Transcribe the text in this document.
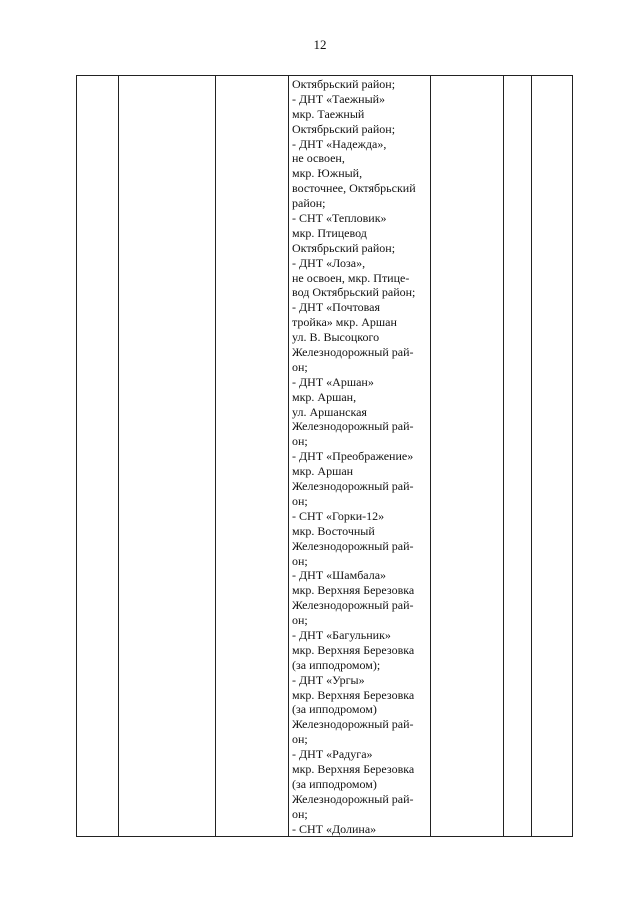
12

Октябрьский район;
- ДНТ «Таежный»
мкр. Таежный
Октябрьский район;
- ДНТ «Надежда»,
не освоен,
мкр. Южный,
восточнее, Октябрьский
район;
- СНТ «Тепловик»
мкр. Птицевод
Октябрьский район;
- ДНТ «Лоза»,
не освоен, мкр. Птице-
вод Октябрьский район;
- ДНТ «Почтовая
тройка» мкр. Аршан
ул. В. Высоцкого
Железнодорожный рай-
он;
- ДНТ «Аршан»
мкр. Аршан,
ул. Аршанская
Железнодорожный рай-
он;
- ДНТ «Преображение»
мкр. Аршан
Железнодорожный рай-
он;
- СНТ «Горки-12»
мкр. Восточный
Железнодорожный рай-
он;
- ДНТ «Шамбала»
мкр. Верхняя Березовка
Железнодорожный рай-
он;
- ДНТ «Багульник»
мкр. Верхняя Березовка
(за ипподромом);
- ДНТ «Ургы»
мкр. Верхняя Березовка
(за ипподромом)
Железнодорожный рай-
он;
- ДНТ «Радуга»
мкр. Верхняя Березовка
(за ипподромом)
Железнодорожный рай-
он;
- СНТ «Долина»
